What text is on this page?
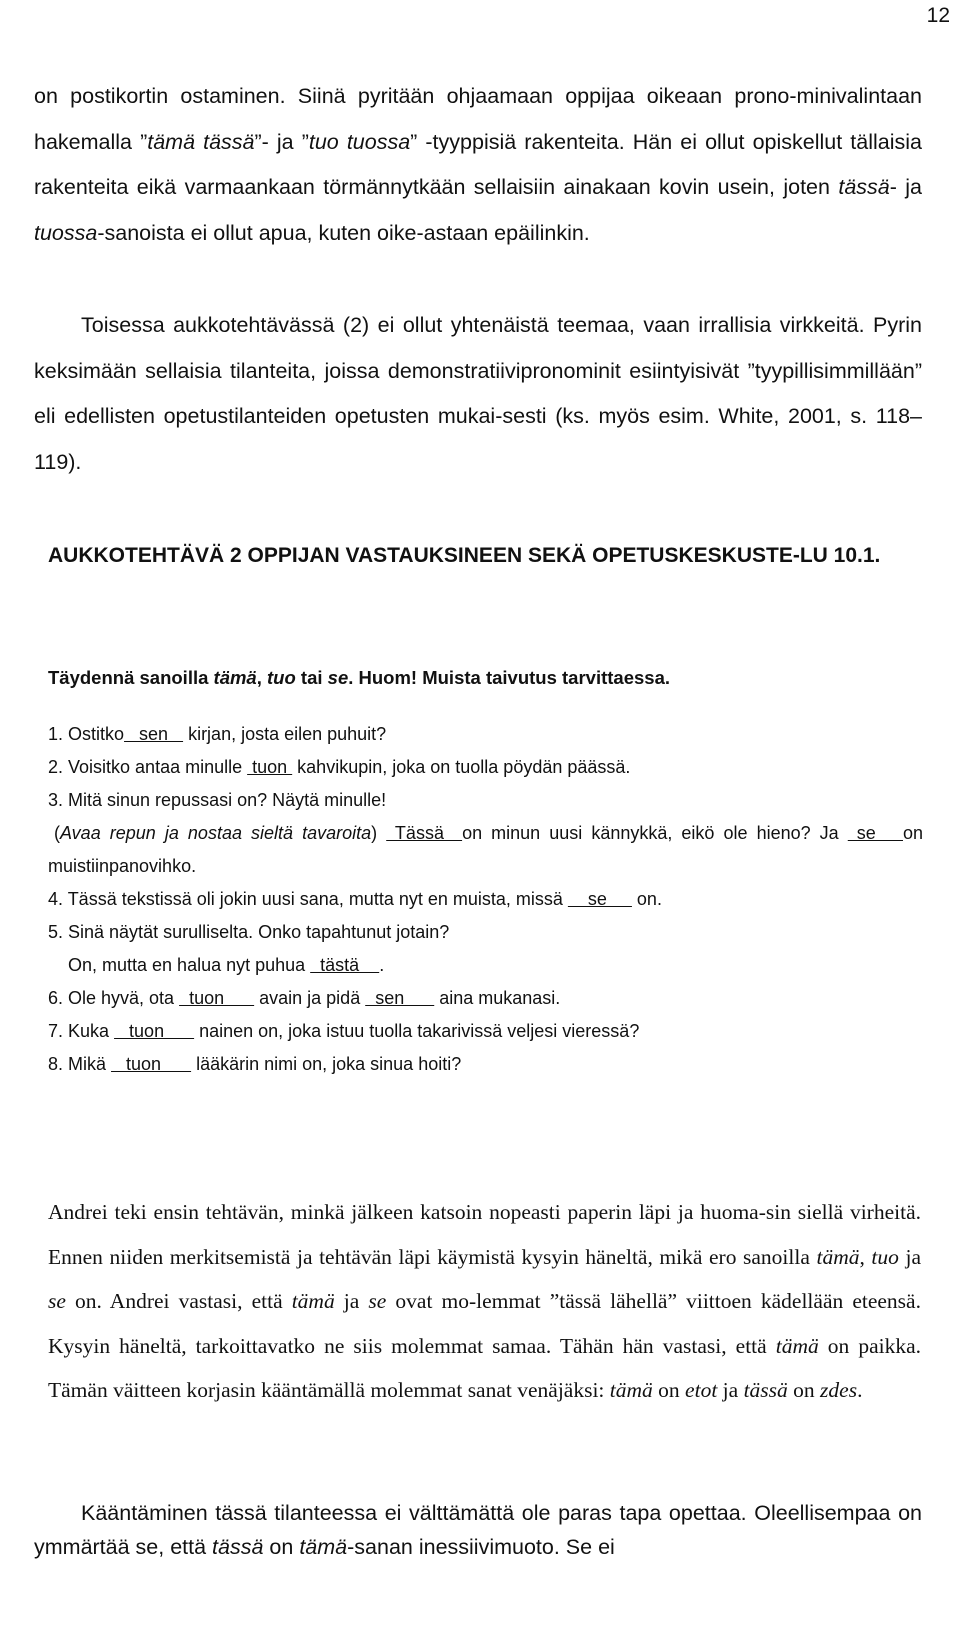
12

on postikortin ostaminen. Siinä pyritään ohjaamaan oppijaa oikeaan prono-minivalintaan hakemalla ”tämä tässä”- ja ”tuo tuossa” -tyyppisiä rakenteita. Hän ei ollut opiskellut tällaisia rakenteita eikä varmaankaan törmännytkään sellaisiin ainakaan kovin usein, joten tässä- ja tuossa-sanoista ei ollut apua, kuten oike-astaan epäilinkin.

Toisessa aukkotehtävässä (2) ei ollut yhtenäistä teemaa, vaan irrallisia virkkeitä. Pyrin keksimään sellaisia tilanteita, joissa demonstratiivipronominit esiintyisivät ”tyypillisimmillään” eli edellisten opetustilanteiden opetusten mukai-sesti (ks. myös esim. White, 2001, s. 118–119).

AUKKOTEHTÄVÄ 2 OPPIJAN VASTAUKSINEEN SEKÄ OPETUSKESKUSTE-LU 10.1.

Täydennä sanoilla tämä, tuo tai se. Huom! Muista taivutus tarvittaessa.

1. Ostitko   sen    kirjan, josta eilen puhuit?
2. Voisitko antaa minulle  tuon  kahvikupin, joka on tuolla pöydän päässä.
3. Mitä sinun repussasi on? Näytä minulle!
(Avaa repun ja nostaa sieltä tavaroita)  Tässä  on minun uusi kännykkä, eikö ole hieno? Ja  se   on muistiinpanovihko.
4. Tässä tekstissä oli jokin uusi sana, mutta nyt en muista, missä     se      on.
5. Sinä näytät surulliselta. Onko tapahtunut jotain?
On, mutta en halua nyt puhua   tästä    .
6. Ole hyvä, ota   tuon       avain ja pidä   sen       aina mukanasi.
7. Kuka    tuon       nainen on, joka istuu tuolla takarivissä veljesi vieressä?
8. Mikä    tuon       lääkärin nimi on, joka sinua hoiti?

Andrei teki ensin tehtävän, minkä jälkeen katsoin nopeasti paperin läpi ja huoma-sin siellä virheitä. Ennen niiden merkitsemistä ja tehtävän läpi käymistä kysyin häneltä, mikä ero sanoilla tämä, tuo ja se on. Andrei vastasi, että tämä ja se ovat mo-lemmat ”tässä lähellä” viittoen kädellään eteensä. Kysyin häneltä, tarkoittavatko ne siis molemmat samaa. Tähän hän vastasi, että tämä on paikka. Tämän väitteen korjasin kääntämällä molemmat sanat venäjäksi: tämä on etot ja tässä on zdes.

Kääntäminen tässä tilanteessa ei välttämättä ole paras tapa opettaa. Oleellisempaa on ymmärtää se, että tässä on tämä-sanan inessiivimuoto. Se ei
